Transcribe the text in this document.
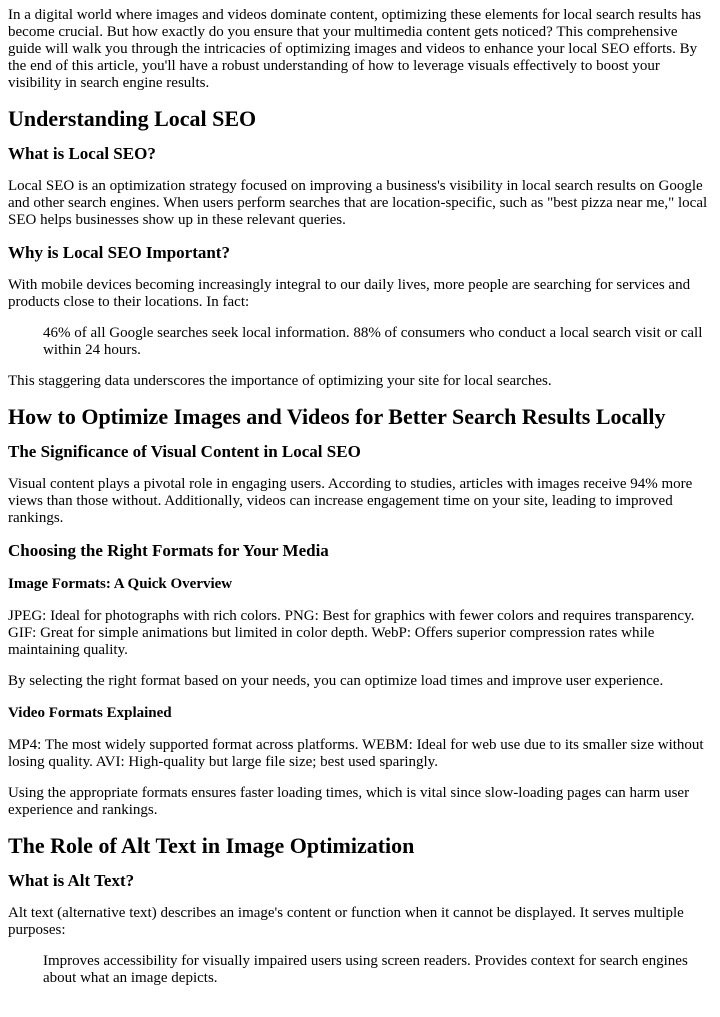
In a digital world where images and videos dominate content, optimizing these elements for local search results has become crucial. But how exactly do you ensure that your multimedia content gets noticed? This comprehensive guide will walk you through the intricacies of optimizing images and videos to enhance your local SEO efforts. By the end of this article, you'll have a robust understanding of how to leverage visuals effectively to boost your visibility in search engine results.

Understanding Local SEO
What is Local SEO?

Local SEO is an optimization strategy focused on improving a business's visibility in local search results on Google and other search engines. When users perform searches that are location-specific, such as "best pizza near me," local SEO helps businesses show up in these relevant queries.

Why is Local SEO Important?

With mobile devices becoming increasingly integral to our daily lives, more people are searching for services and products close to their locations. In fact:

46% of all Google searches seek local information. 88% of consumers who conduct a local search visit or call within 24 hours.

This staggering data underscores the importance of optimizing your site for local searches.

How to Optimize Images and Videos for Better Search Results Locally
The Significance of Visual Content in Local SEO

Visual content plays a pivotal role in engaging users. According to studies, articles with images receive 94% more views than those without. Additionally, videos can increase engagement time on your site, leading to improved rankings.

Choosing the Right Formats for Your Media
Image Formats: A Quick Overview

JPEG: Ideal for photographs with rich colors. PNG: Best for graphics with fewer colors and requires transparency. GIF: Great for simple animations but limited in color depth. WebP: Offers superior compression rates while maintaining quality.

By selecting the right format based on your needs, you can optimize load times and improve user experience.

Video Formats Explained

MP4: The most widely supported format across platforms. WEBM: Ideal for web use due to its smaller size without losing quality. AVI: High-quality but large file size; best used sparingly.

Using the appropriate formats ensures faster loading times, which is vital since slow-loading pages can harm user experience and rankings.

The Role of Alt Text in Image Optimization
What is Alt Text?

Alt text (alternative text) describes an image's content or function when it cannot be displayed. It serves multiple purposes:

Improves accessibility for visually impaired users using screen readers. Provides context for search engines about what an image depicts.
